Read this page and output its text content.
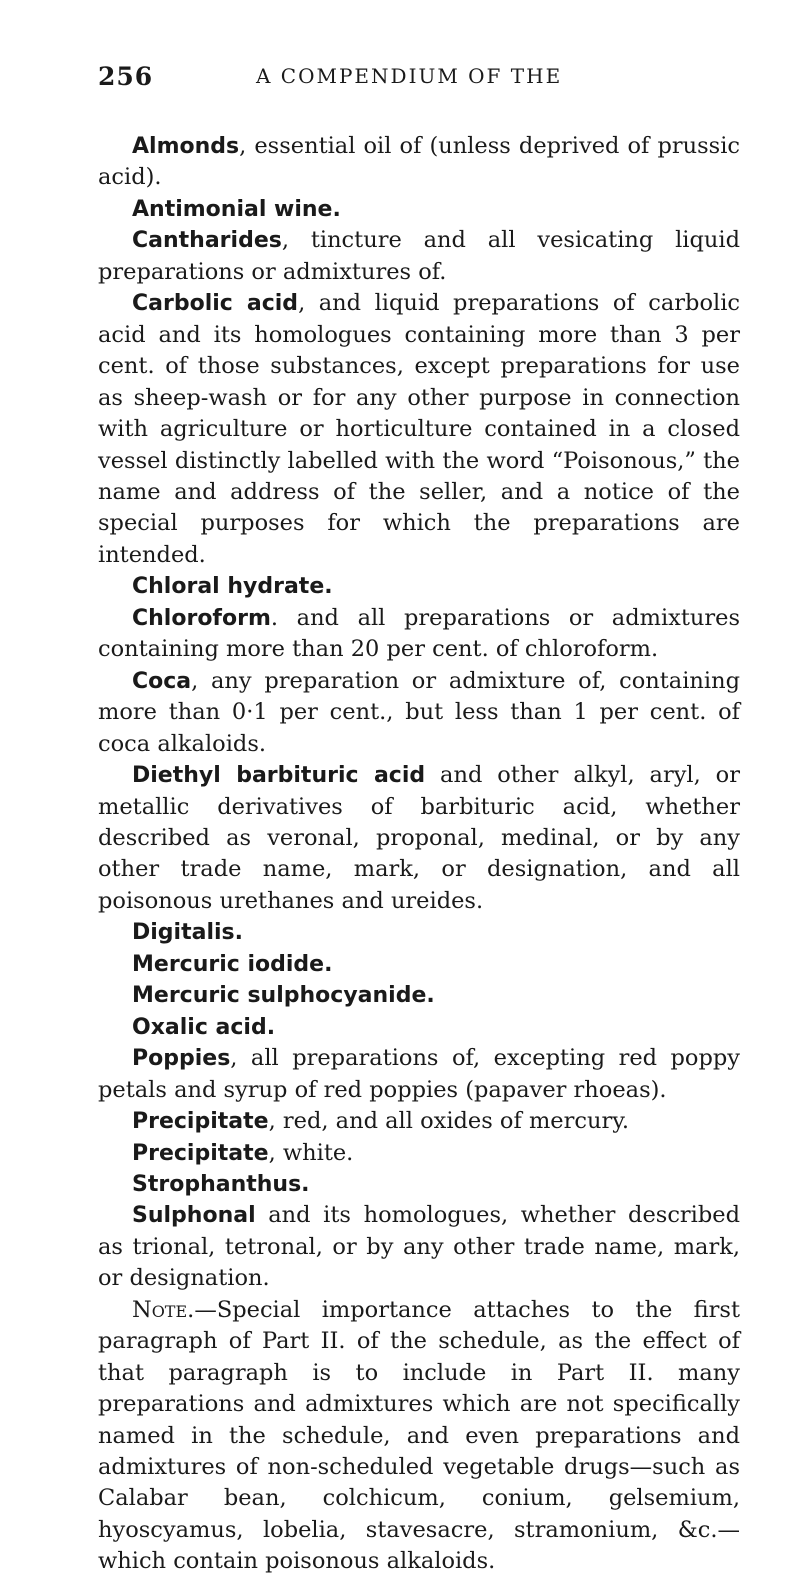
256	A COMPENDIUM OF THE

Almonds, essential oil of (unless deprived of prussic acid).

Antimonial wine.

Cantharides, tincture and all vesicating liquid preparations or admixtures of.

Carbolic acid, and liquid preparations of carbolic acid and its homologues containing more than 3 per cent. of those substances, except preparations for use as sheep-wash or for any other purpose in connection with agriculture or horticulture contained in a closed vessel distinctly labelled with the word “Poisonous,” the name and address of the seller, and a notice of the special purposes for which the preparations are intended.

Chloral hydrate.

Chloroform. and all preparations or admixtures containing more than 20 per cent. of chloroform.

Coca, any preparation or admixture of, containing more than 0·1 per cent., but less than 1 per cent. of coca alkaloids.

Diethyl barbituric acid and other alkyl, aryl, or metallic derivatives of barbituric acid, whether described as veronal, proponal, medinal, or by any other trade name, mark, or designation, and all poisonous urethanes and ureides.

Digitalis.

Mercuric iodide.

Mercuric sulphocyanide.

Oxalic acid.

Poppies, all preparations of, excepting red poppy petals and syrup of red poppies (papaver rhoeas).

Precipitate, red, and all oxides of mercury.

Precipitate, white.

Strophanthus.

Sulphonal and its homologues, whether described as trional, tetronal, or by any other trade name, mark, or designation.

Note.—Special importance attaches to the first paragraph of Part II. of the schedule, as the effect of that paragraph is to include in Part II. many preparations and admixtures which are not specifically named in the schedule, and even preparations and admixtures of non-scheduled vegetable drugs—such as Calabar bean, colchicum, conium, gelsemium, hyoscyamus, lobelia, stavesacre, stramonium, &c.—which contain poisonous alkaloids.
